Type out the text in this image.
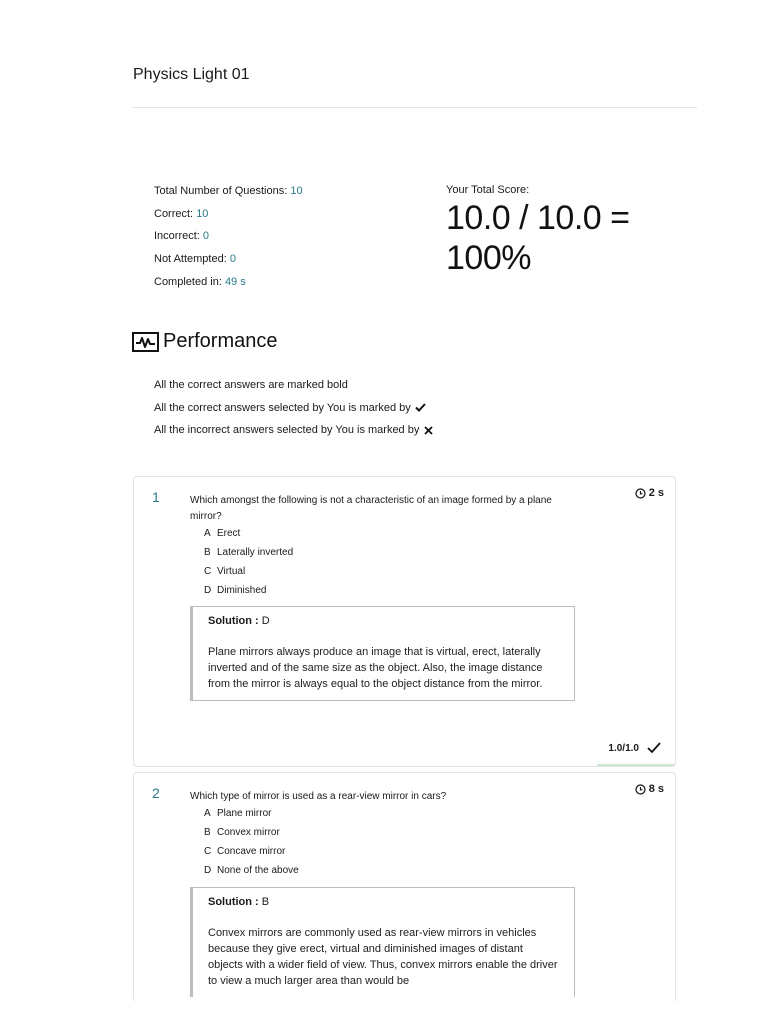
Physics Light 01
Total Number of Questions: 10
Correct: 10
Incorrect: 0
Not Attempted: 0
Completed in: 49 s
Your Total Score:
10.0 / 10.0 = 100%
Performance
All the correct answers are marked bold
All the correct answers selected by You is marked by
All the incorrect answers selected by You is marked by
1	2 s
Which amongst the following is not a characteristic of an image formed by a plane mirror?
A Erect
B Laterally inverted
C Virtual
D Diminished
Solution : D
Plane mirrors always produce an image that is virtual, erect, laterally inverted and of the same size as the object. Also, the image distance from the mirror is always equal to the object distance from the mirror.
1.0/1.0
2	8 s
Which type of mirror is used as a rear-view mirror in cars?
A Plane mirror
B Convex mirror
C Concave mirror
D None of the above
Solution : B
Convex mirrors are commonly used as rear-view mirrors in vehicles because they give erect, virtual and diminished images of distant objects with a wider field of view. Thus, convex mirrors enable the driver to view a much larger area than would be
